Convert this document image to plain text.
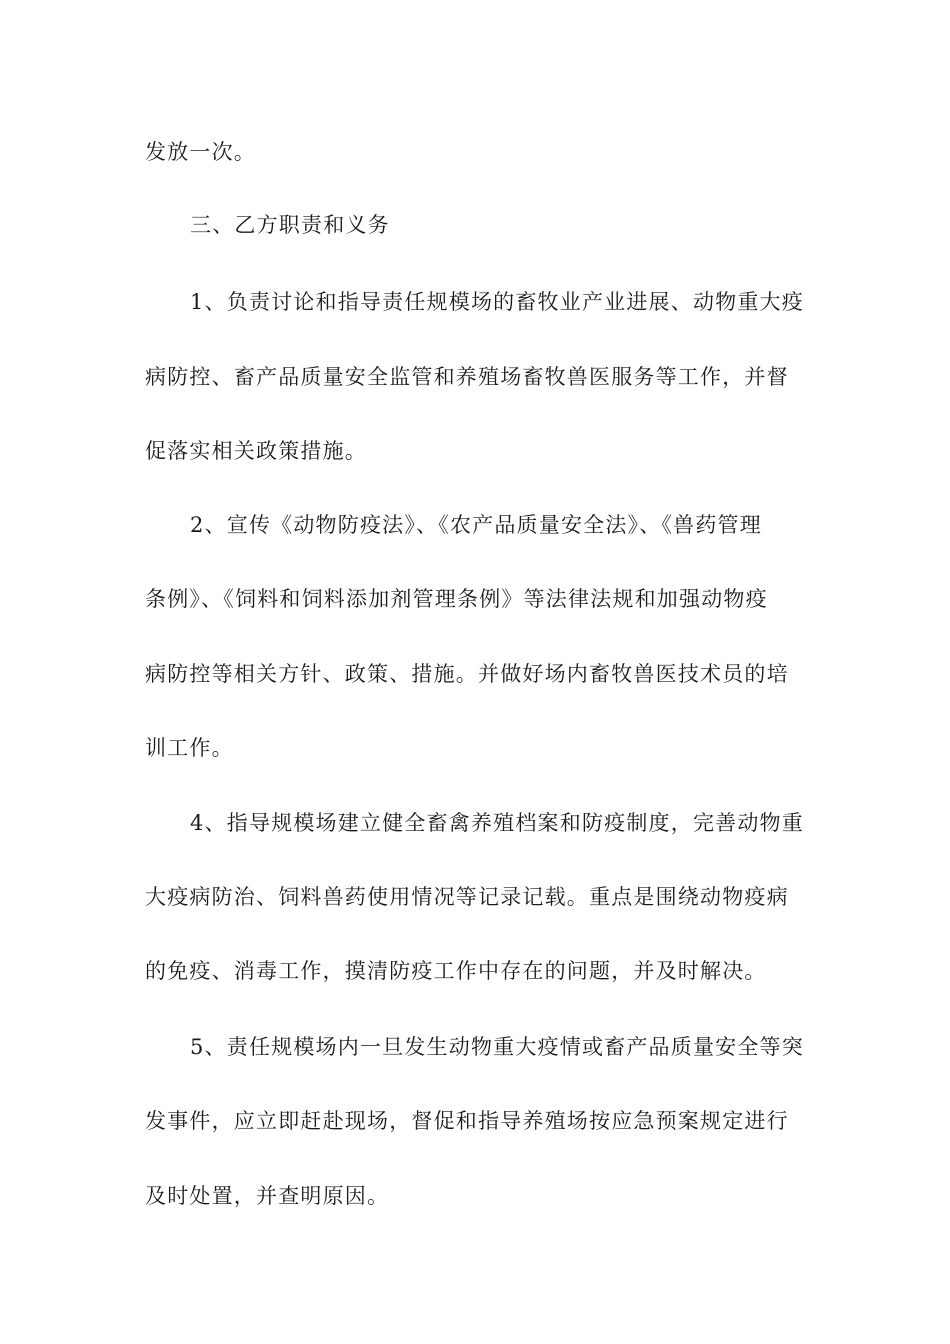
发放一次。
三、乙方职责和义务
1、负责讨论和指导责任规模场的畜牧业产业进展、动物重大疫
病防控、畜产品质量安全监管和养殖场畜牧兽医服务等工作，并督
促落实相关政策措施。
2、宣传《动物防疫法》、《农产品质量安全法》、《兽药管理
条例》、《饲料和饲料添加剂管理条例》等法律法规和加强动物疫
病防控等相关方针、政策、措施。并做好场内畜牧兽医技术员的培
训工作。
4、指导规模场建立健全畜禽养殖档案和防疫制度，完善动物重
大疫病防治、饲料兽药使用情况等记录记载。重点是围绕动物疫病
的免疫、消毒工作，摸清防疫工作中存在的问题，并及时解决。
5、责任规模场内一旦发生动物重大疫情或畜产品质量安全等突
发事件，应立即赶赴现场，督促和指导养殖场按应急预案规定进行
及时处置，并查明原因。
